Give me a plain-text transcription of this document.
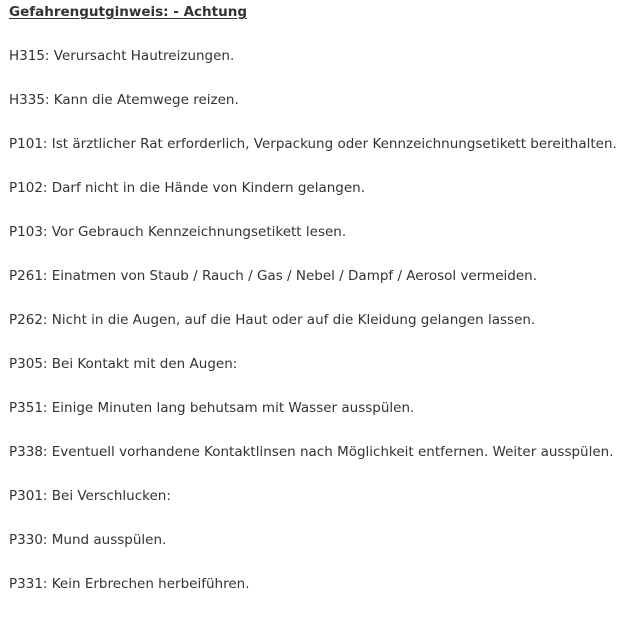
Gefahrengutginweis: - Achtung
H315: Verursacht Hautreizungen.
H335: Kann die Atemwege reizen.
P101: Ist ärztlicher Rat erforderlich, Verpackung oder Kennzeichnungsetikett bereithalten.
P102: Darf nicht in die Hände von Kindern gelangen.
P103: Vor Gebrauch Kennzeichnungsetikett lesen.
P261: Einatmen von Staub / Rauch / Gas / Nebel / Dampf / Aerosol vermeiden.
P262: Nicht in die Augen, auf die Haut oder auf die Kleidung gelangen lassen.
P305: Bei Kontakt mit den Augen:
P351: Einige Minuten lang behutsam mit Wasser ausspülen.
P338: Eventuell vorhandene Kontaktlinsen nach Möglichkeit entfernen. Weiter ausspülen.
P301: Bei Verschlucken:
P330: Mund ausspülen.
P331: Kein Erbrechen herbeiführen.
